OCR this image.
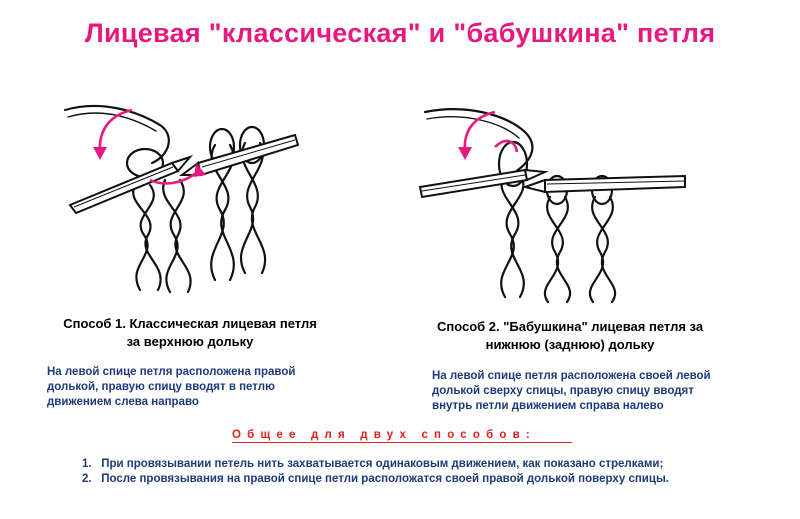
Лицевая "классическая" и "бабушкина" петля
Способ 1. Классическая лицевая петля
за верхнюю дольку
Способ 2. "Бабушкина" лицевая петля за
нижнюю (заднюю) дольку
На левой спице петля расположена правой
долькой, правую спицу вводят в петлю
движением слева направо
На левой спице петля расположена своей левой
долькой сверху спицы, правую спицу вводят
внутрь петли движением справа налево
Общее для двух способов:
1. При провязывании петель нить захватывается одинаковым движением, как показано стрелками;
2. После провязывания на правой спице петли расположатся своей правой долькой поверху спицы.
